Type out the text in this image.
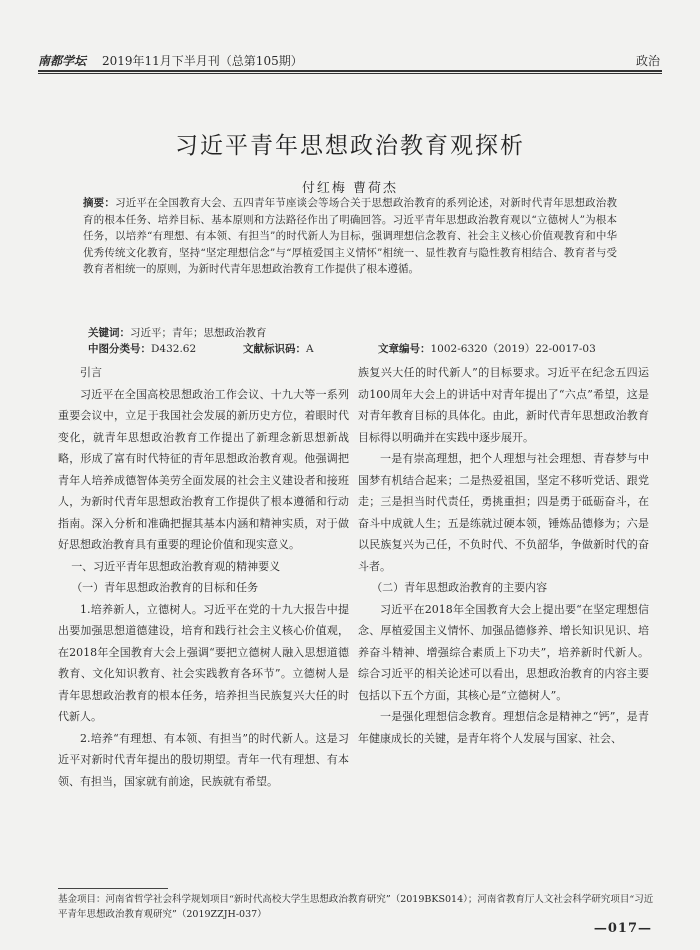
南都学坛 2019年11月下半月刊（总第105期）	政治
习近平青年思想政治教育观探析
付红梅 曹荷杰
摘要：习近平在全国教育大会、五四青年节座谈会等场合关于思想政治教育的系列论述，对新时代青年思想政治教育的根本任务、培养目标、基本原则和方法路径作出了明确回答。习近平青年思想政治教育观以“立德树人”为根本任务，以培养“有理想、有本领、有担当”的时代新人为目标，强调理想信念教育、社会主义核心价值观教育和中华优秀传统文化教育，坚持“坚定理想信念”与“厚植爱国主义情怀”相统一、显性教育与隐性教育相结合、教育者与受教育者相统一的原则，为新时代青年思想政治教育工作提供了根本遵循。
关键词：习近平；青年；思想政治教育
中图分类号：D432.62	文献标识码：A	文章编号：1002-6320（2019）22-0017-03

引言

习近平在全国高校思想政治工作会议、十九大等一系列重要会议中，立足于我国社会发展的新历史方位，着眼时代变化，就青年思想政治教育工作提出了新理念新思想新战略，形成了富有时代特征的青年思想政治教育观。他强调把青年人培养成德智体美劳全面发展的社会主义建设者和接班人，为新时代青年思想政治教育工作提供了根本遵循和行动指南。深入分析和准确把握其基本内涵和精神实质，对于做好思想政治教育具有重要的理论价值和现实意义。

一、习近平青年思想政治教育观的精神要义

（一）青年思想政治教育的目标和任务

1.培养新人，立德树人。习近平在党的十九大报告中提出要加强思想道德建设，培育和践行社会主义核心价值观，在2018年全国教育大会上强调“要把立德树人融入思想道德教育、文化知识教育、社会实践教育各环节”。立德树人是青年思想政治教育的根本任务，培养担当民族复兴大任的时代新人。

2.培养“有理想、有本领、有担当”的时代新人。这是习近平对新时代青年提出的殷切期望。青年一代有理想、有本领、有担当，国家就有前途，民族就有希望。

族复兴大任的时代新人”的目标要求。习近平在纪念五四运动100周年大会上的讲话中对青年提出了“六点”希望，这是对青年教育目标的具体化。由此，新时代青年思想政治教育目标得以明确并在实践中逐步展开。

一是有崇高理想，把个人理想与社会理想、青春梦与中国梦有机结合起来；二是热爱祖国，坚定不移听党话、跟党走；三是担当时代责任，勇挑重担；四是勇于砥砺奋斗，在奋斗中成就人生；五是练就过硬本领，锤炼品德修为；六是以民族复兴为己任，不负时代、不负韶华，争做新时代的奋斗者。

（二）青年思想政治教育的主要内容

习近平在2018年全国教育大会上提出要“在坚定理想信念、厚植爱国主义情怀、加强品德修养、增长知识见识、培养奋斗精神、增强综合素质上下功夫”，培养新时代新人。综合习近平的相关论述可以看出，思想政治教育的内容主要包括以下五个方面，其核心是“立德树人”。

一是强化理想信念教育。理想信念是精神之“钙”，是青年健康成长的关键，是青年将个人发展与国家、社会、

基金项目：河南省哲学社会科学规划项目“新时代高校大学生思想政治教育研究”（2019BKS014）；河南省教育厅人文社会科学研究项目“习近平青年思想政治教育观研究”（2019ZZJH-037）
—017—
